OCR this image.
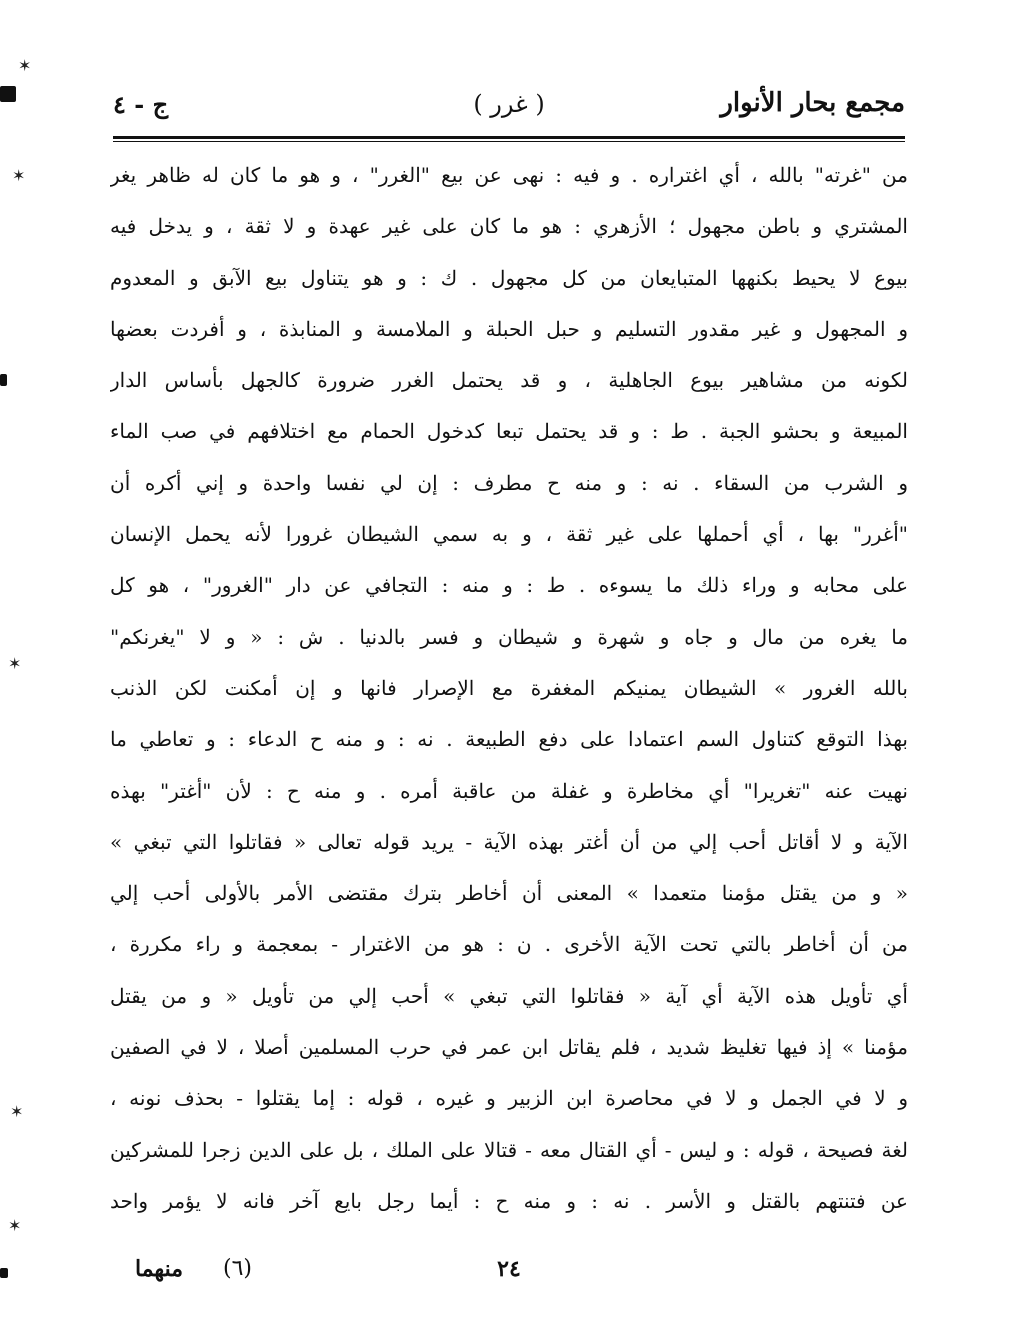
مجمع بحار الأنوار
( غرر )
ج - ٤
من "غرته" بالله ، أي اغتراره . و فيه : نهى عن بيع "الغرر" ، و هو ما كان له ظاهر يغر
المشتري و باطن مجهول ؛ الأزهري : هو ما كان على غير عهدة و لا ثقة ، و يدخل فيه
بيوع لا يحيط بكنهها المتبايعان من كل مجهول . ك : و هو يتناول بيع الآبق و المعدوم
و المجهول و غير مقدور التسليم و حبل الحبلة و الملامسة و المنابذة ، و أفردت بعضها
لكونه من مشاهير بيوع الجاهلية ، و قد يحتمل الغرر ضرورة كالجهل بأساس الدار
المبيعة و بحشو الجبة . ط : و قد يحتمل تبعا كدخول الحمام مع اختلافهم في صب الماء
و الشرب من السقاء . نه : و منه ح مطرف : إن لي نفسا واحدة و إني أكره أن
"أغرر" بها ، أي أحملها على غير ثقة ، و به سمي الشيطان غرورا لأنه يحمل الإنسان
على محابه و وراء ذلك ما يسوءه . ط : و منه : التجافي عن دار "الغرور" ، هو كل
ما يغره من مال و جاه و شهرة و شيطان و فسر بالدنيا . ش : « و لا "يغرنكم"
بالله الغرور » الشيطان يمنيكم المغفرة مع الإصرار فانها و إن أمكنت لكن الذنب
بهذا التوقع كتناول السم اعتمادا على دفع الطبيعة . نه : و منه ح الدعاء : و تعاطي ما
نهيت عنه "تغريرا" أي مخاطرة و غفلة من عاقبة أمره . و منه ح : لأن "أغتر" بهذه
الآية و لا أقاتل أحب إلي من أن أغتر بهذه الآية - يريد قوله تعالى « فقاتلوا التي تبغي »
« و من يقتل مؤمنا متعمدا » المعنى أن أخاطر بترك مقتضى الأمر بالأولى أحب إلي
من أن أخاطر بالتي تحت الآية الأخرى . ن : هو من الاغترار - بمعجمة و راء مكررة ،
أي تأويل هذه الآية أي آية « فقاتلوا التي تبغي » أحب إلي من تأويل « و من يقتل
مؤمنا » إذ فيها تغليظ شديد ، فلم يقاتل ابن عمر في حرب المسلمين أصلا ، لا في الصفين
و لا في الجمل و لا في محاصرة ابن الزبير و غيره ، قوله : إما يقتلوا - بحذف نونه ،
لغة فصيحة ، قوله : و ليس - أي القتال معه - قتالا على الملك ، بل على الدين زجرا للمشركين
عن فتنتهم بالقتل و الأسر . نه : و منه ح : أيما رجل بايع آخر فانه لا يؤمر واحد
٢٤
(٦)
منهما
✶
✶
✶
✶
✶
